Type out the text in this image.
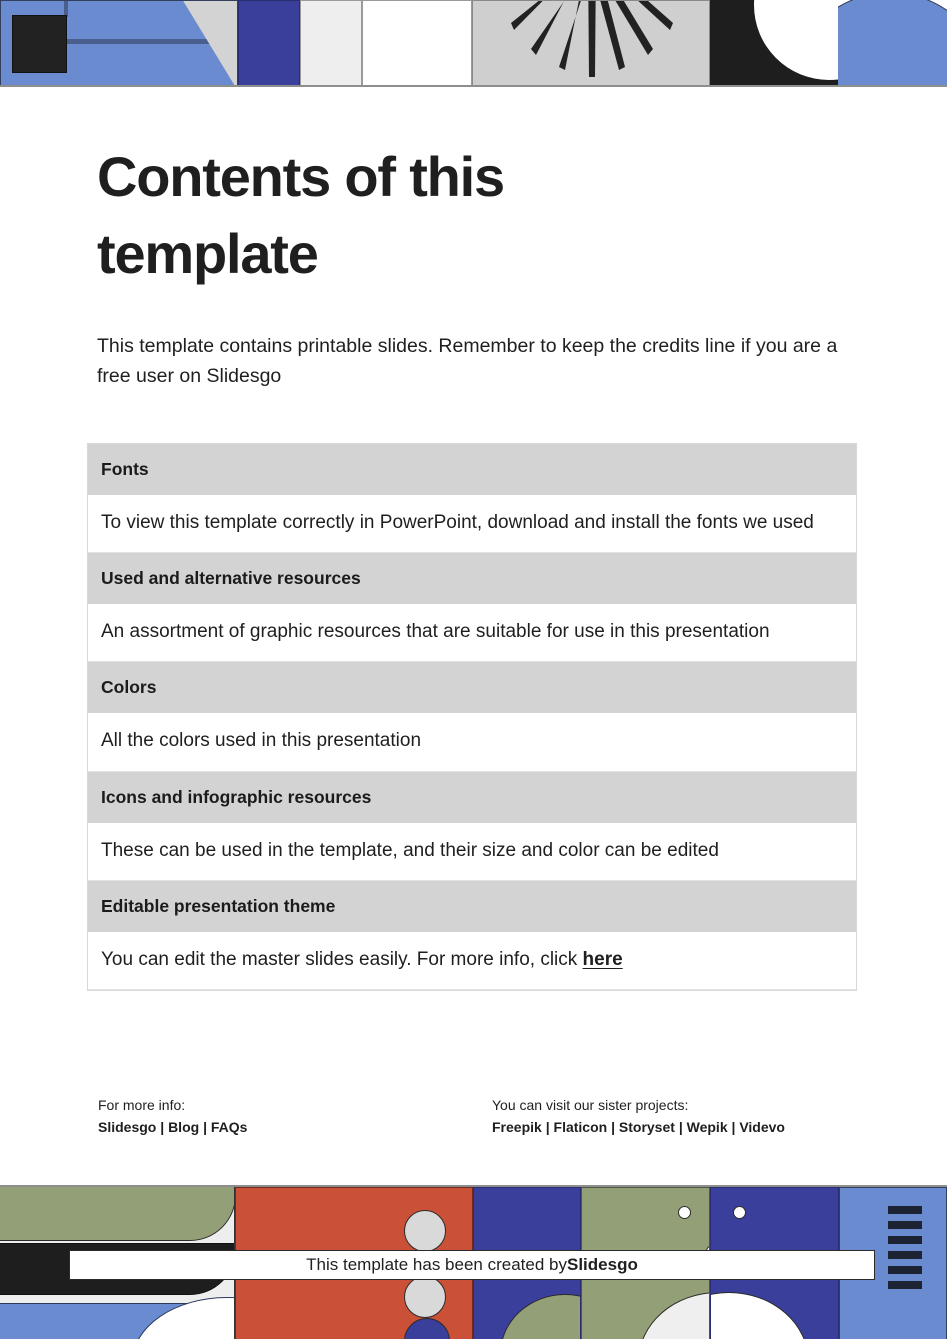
Contents of this template

This template contains printable slides. Remember to keep the credits line if you are a free user on Slidesgo

Fonts
To view this template correctly in PowerPoint, download and install the fonts we used
Used and alternative resources
An assortment of graphic resources that are suitable for use in this presentation
Colors
All the colors used in this presentation
Icons and infographic resources
These can be used in the template, and their size and color can be edited
Editable presentation theme
You can edit the master slides easily. For more info, click here
For more info:
Slidesgo | Blog | FAQs
You can visit our sister projects:
Freepik | Flaticon | Storyset | Wepik | Videvo
This template has been created by Slidesgo
